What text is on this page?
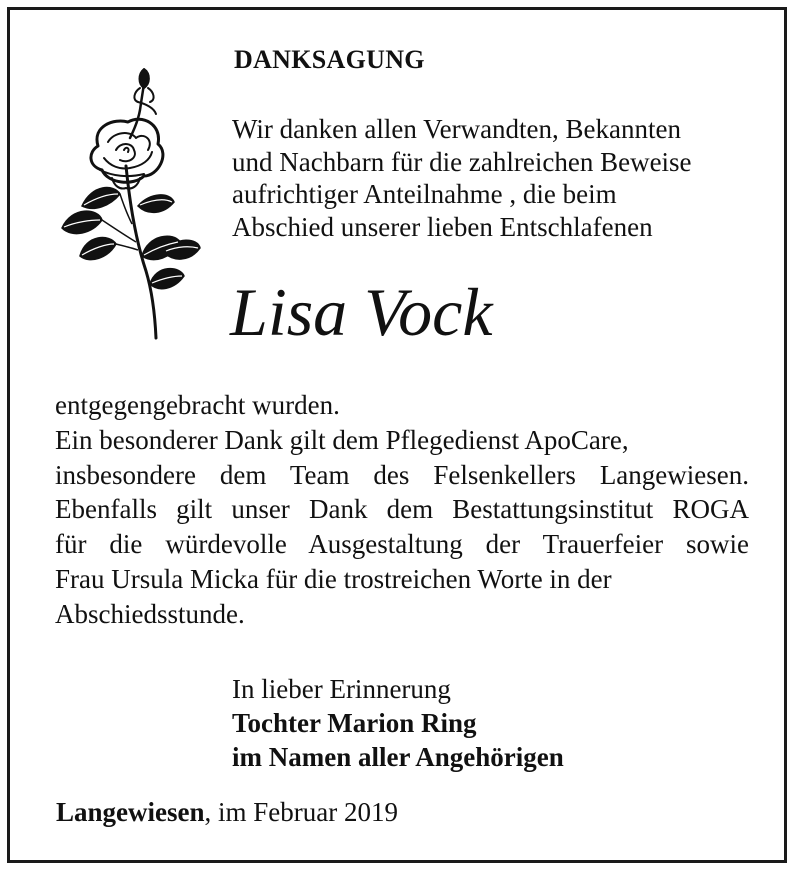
DANKSAGUNG
Wir danken allen Verwandten, Bekannten
und Nachbarn für die zahlreichen Beweise
aufrichtiger Anteilnahme , die beim
Abschied unserer lieben Entschlafenen
Lisa Vock
entgegengebracht wurden.
Ein besonderer Dank gilt dem Pflegedienst ApoCare,
insbesondere dem Team des Felsenkellers Langewiesen.
Ebenfalls gilt unser Dank dem Bestattungsinstitut ROGA
für die würdevolle Ausgestaltung der Trauerfeier sowie
Frau Ursula Micka für die trostreichen Worte in der
Abschiedsstunde.
In lieber Erinnerung
Tochter Marion Ring
im Namen aller Angehörigen
Langewiesen, im Februar 2019
